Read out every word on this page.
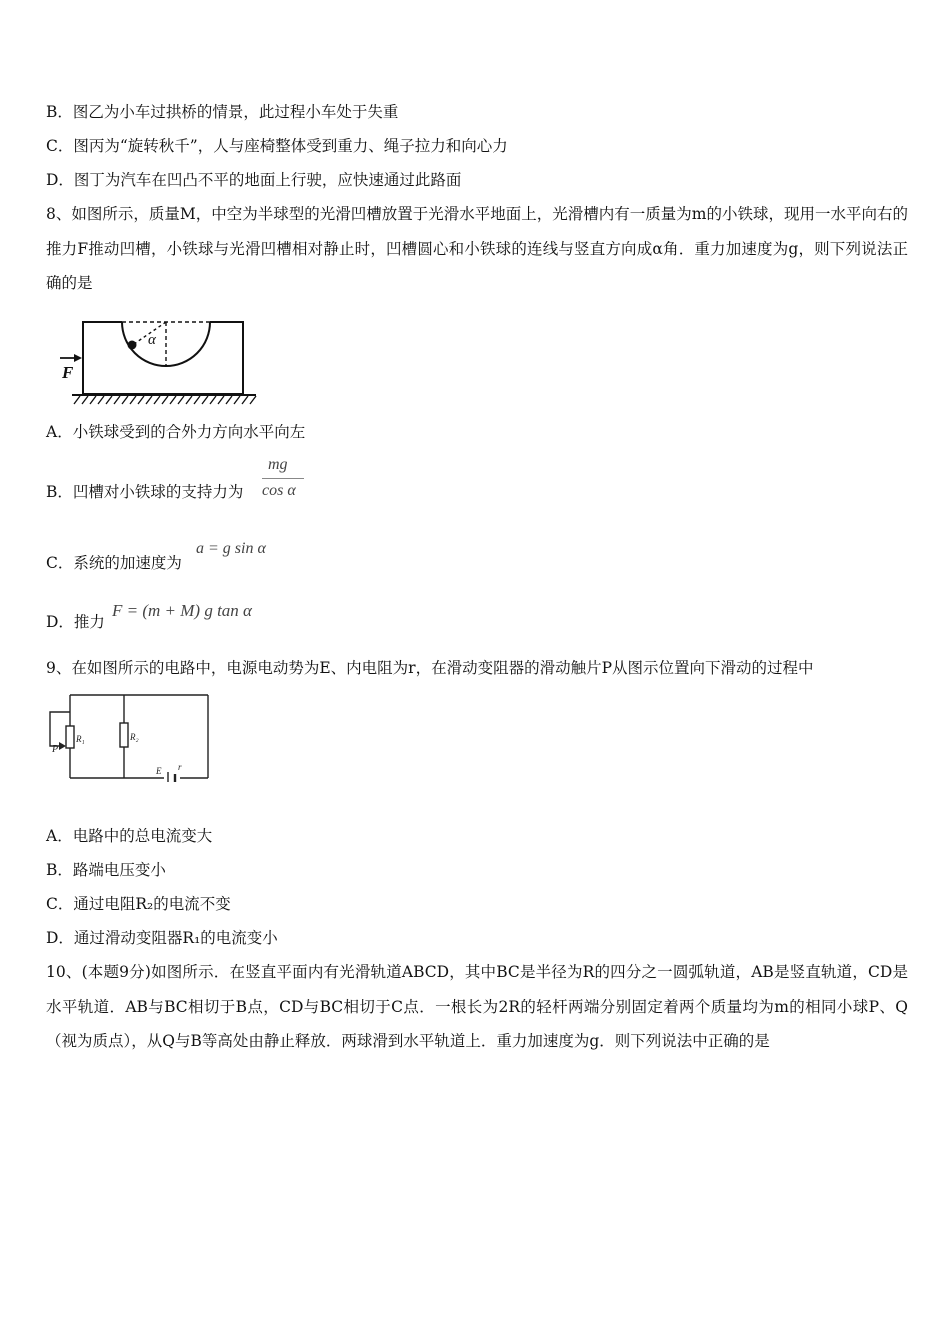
B．图乙为小车过拱桥的情景，此过程小车处于失重
C．图丙为“旋转秋千”，人与座椅整体受到重力、绳子拉力和向心力
D．图丁为汽车在凹凸不平的地面上行驶，应快速通过此路面
8、如图所示，质量M，中空为半球型的光滑凹槽放置于光滑水平地面上，光滑槽内有一质量为m的小铁球，现用一水平向右的推力F推动凹槽，小铁球与光滑凹槽相对静止时，凹槽圆心和小铁球的连线与竖直方向成α角．重力加速度为g，则下列说法正确的是
α
F
A．小铁球受到的合外力方向水平向左
B．凹槽对小铁球的支持力为
mg
cos α
C．系统的加速度为
a = g sin α
D．推力
F = (m + M) g tan α
9、在如图所示的电路中，电源电动势为E、内电阻为r，在滑动变阻器的滑动触片P从图示位置向下滑动的过程中
P
R₁	R₂
E r
A．电路中的总电流变大
B．路端电压变小
C．通过电阻R₂的电流不变
D．通过滑动变阻器R₁的电流变小
10、(本题9分)如图所示．在竖直平面内有光滑轨道ABCD，其中BC是半径为R的四分之一圆弧轨道，AB是竖直轨道，CD是水平轨道．AB与BC相切于B点，CD与BC相切于C点．一根长为2R的轻杆两端分别固定着两个质量均为m的相同小球P、Q（视为质点），从Q与B等高处由静止释放．两球滑到水平轨道上．重力加速度为g．则下列说法中正确的是
